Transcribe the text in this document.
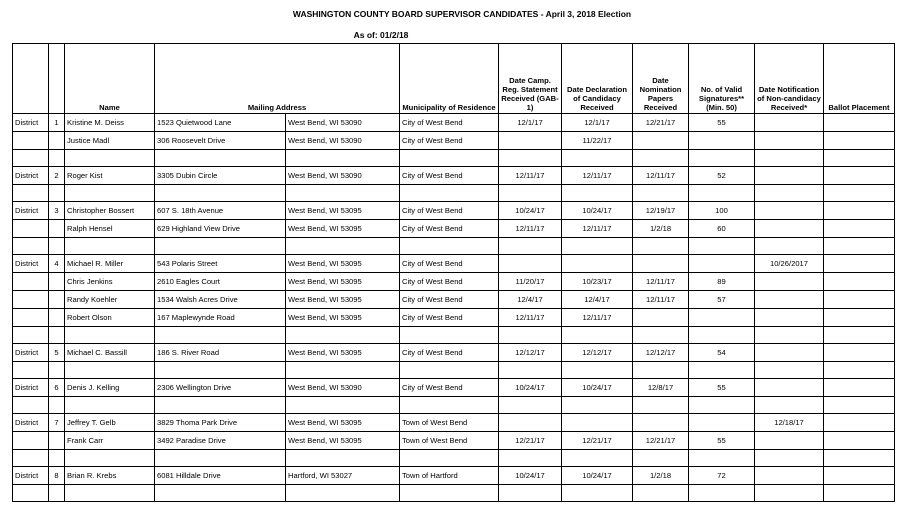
WASHINGTON COUNTY BOARD SUPERVISOR CANDIDATES - April 3, 2018 Election
As of: 01/2/18
		Name	Mailing Address		Municipality of Residence	Date Camp. Reg. Statement Received (GAB-1)	Date Declaration of Candidacy Received	Date Nomination Papers Received	No. of Valid Signatures** (Min. 50)	Date Notification of Non-candidacy Received*	Ballot Placement
District	1	Kristine M. Deiss	1523 Quietwood Lane	West Bend, WI 53090	City of West Bend	12/1/17	12/1/17	12/21/17	55		
		Justice Madl	306 Roosevelt Drive	West Bend, WI 53090	City of West Bend		11/22/17				

District	2	Roger Kist	3305 Dubin Circle	West Bend, WI 53090	City of West Bend	12/11/17	12/11/17	12/11/17	52		

District	3	Christopher Bossert	607 S. 18th Avenue	West Bend, WI 53095	City of West Bend	10/24/17	10/24/17	12/19/17	100		
		Ralph Hensel	629 Highland View Drive	West Bend, WI 53095	City of West Bend	12/11/17	12/11/17	1/2/18	60		

District	4	Michael R. Miller	543 Polaris Street	West Bend, WI 53095	City of West Bend					10/26/2017	
		Chris Jenkins	2610 Eagles Court	West Bend, WI 53095	City of West Bend	11/20/17	10/23/17	12/11/17	89		
		Randy Koehler	1534 Walsh Acres Drive	West Bend, WI 53095	City of West Bend	12/4/17	12/4/17	12/11/17	57		
		Robert Olson	167 Maplewynde Road	West Bend, WI 53095	City of West Bend	12/11/17	12/11/17				

District	5	Michael C. Bassill	186 S. River Road	West Bend, WI 53095	City of West Bend	12/12/17	12/12/17	12/12/17	54		

District	6	Denis J. Kelling	2306 Wellington Drive	West Bend, WI 53090	City of West Bend	10/24/17	10/24/17	12/8/17	55		

District	7	Jeffrey T. Gelb	3829 Thoma Park Drive	West Bend, WI 53095	Town of West Bend					12/18/17	
		Frank Carr	3492 Paradise Drive	West Bend, WI 53095	Town of West Bend	12/21/17	12/21/17	12/21/17	55		

District	8	Brian R. Krebs	6081 Hilldale Drive	Hartford, WI 53027	Town of Hartford	10/24/17	10/24/17	1/2/18	72		
